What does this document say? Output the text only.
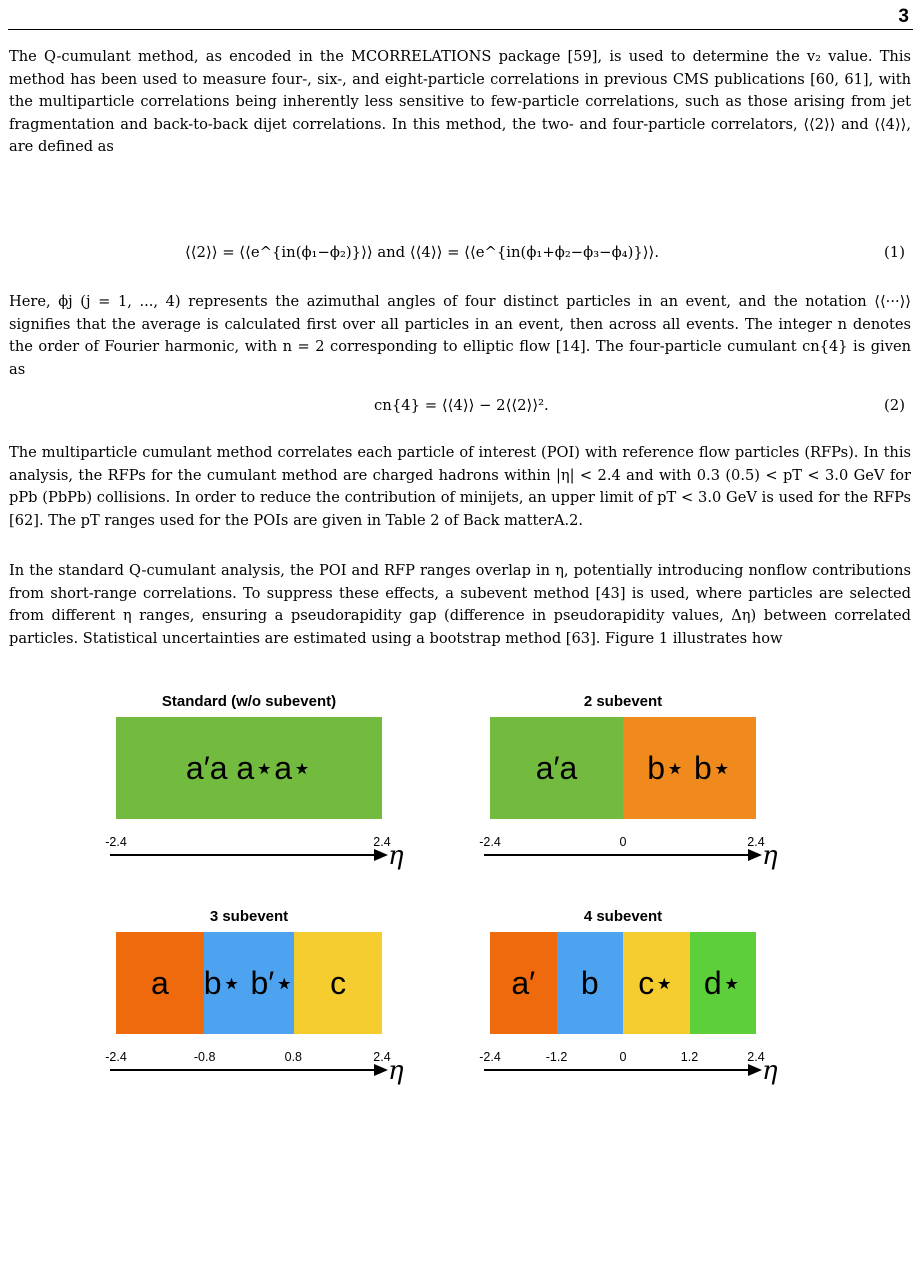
3

The Q-cumulant method, as encoded in the MCORRELATIONS package [59], is used to determine the v₂ value. This method has been used to measure four-, six-, and eight-particle correlations in previous CMS publications [60, 61], with the multiparticle correlations being inherently less sensitive to few-particle correlations, such as those arising from jet fragmentation and back-to-back dijet correlations. In this method, the two- and four-particle correlators, ⟨⟨2⟩⟩ and ⟨⟨4⟩⟩, are defined as

⟨⟨2⟩⟩ = ⟨⟨e^{in(ϕ₁−ϕ₂)}⟩⟩ and ⟨⟨4⟩⟩ = ⟨⟨e^{in(ϕ₁+ϕ₂−ϕ₃−ϕ₄)}⟩⟩.	(1)

Here, ϕj (j = 1, ..., 4) represents the azimuthal angles of four distinct particles in an event, and the notation ⟨⟨···⟩⟩ signifies that the average is calculated first over all particles in an event, then across all events. The integer n denotes the order of Fourier harmonic, with n = 2 corresponding to elliptic flow [14]. The four-particle cumulant cn{4} is given as

cn{4} = ⟨⟨4⟩⟩ − 2⟨⟨2⟩⟩².	(2)

The multiparticle cumulant method correlates each particle of interest (POI) with reference flow particles (RFPs). In this analysis, the RFPs for the cumulant method are charged hadrons within |η| < 2.4 and with 0.3 (0.5) < pT < 3.0 GeV for pPb (PbPb) collisions. In order to reduce the contribution of minijets, an upper limit of pT < 3.0 GeV is used for the RFPs [62]. The pT ranges used for the POIs are given in Table 2 of Back matterA.2.

In the standard Q-cumulant analysis, the POI and RFP ranges overlap in η, potentially introducing nonflow contributions from short-range correlations. To suppress these effects, a subevent method [43] is used, where particles are selected from different η ranges, ensuring a pseudorapidity gap (difference in pseudorapidity values, Δη) between correlated particles. Statistical uncertainties are estimated using a bootstrap method [63]. Figure 1 illustrates how

Standard (w/o subevent)
a′a a⋆a⋆
-2.4	2.4
η
2 subevent
a′a	b⋆ b⋆
-2.4	0	2.4
η
3 subevent
a	b⋆ b′⋆	c
-2.4	-0.8	0.8	2.4
η
4 subevent
a′	b	c⋆ d⋆
-2.4	-1.2	0	1.2	2.4
η
